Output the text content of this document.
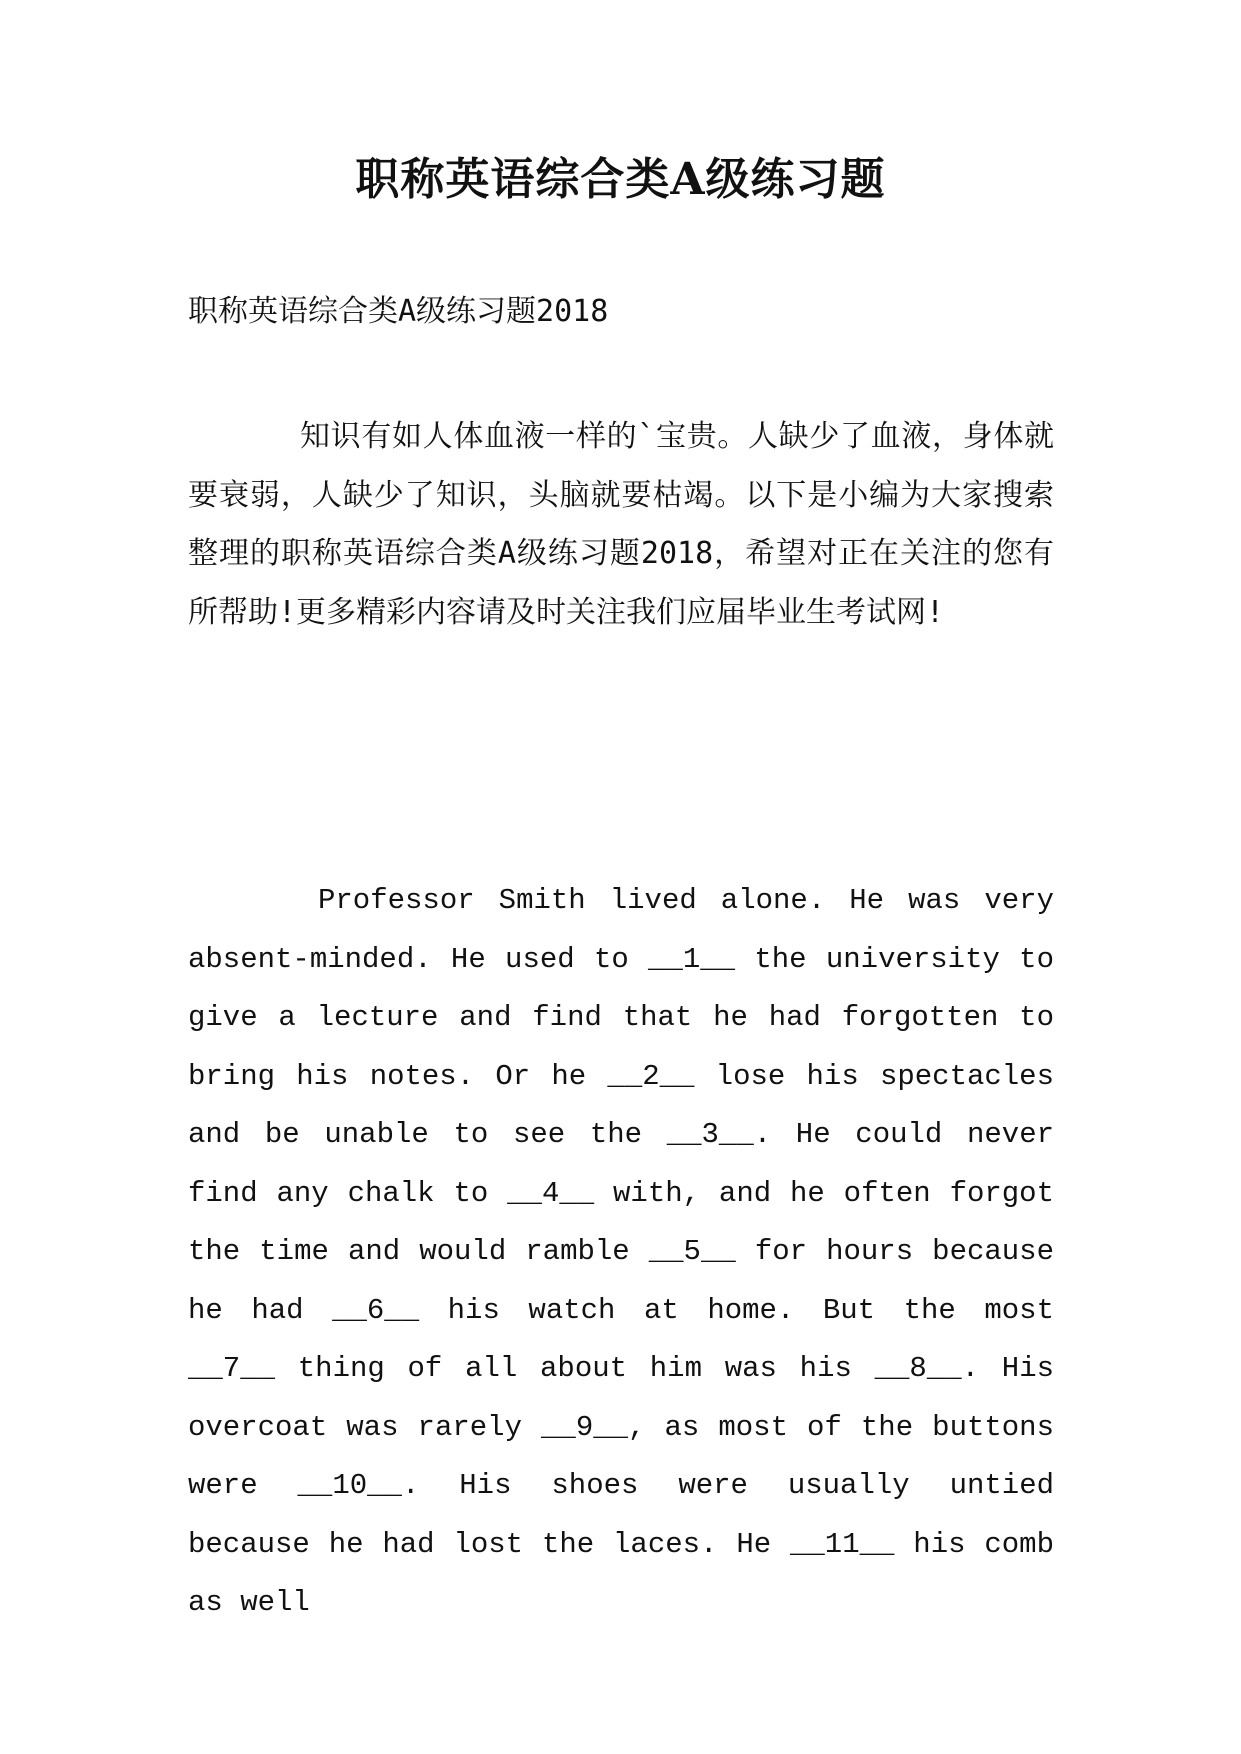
职称英语综合类A级练习题
职称英语综合类A级练习题2018

知识有如人体血液一样的`宝贵。人缺少了血液，身体就要衰弱，人缺少了知识，头脑就要枯竭。以下是小编为大家搜索整理的职称英语综合类A级练习题2018，希望对正在关注的您有所帮助!更多精彩内容请及时关注我们应届毕业生考试网!

Professor Smith lived alone. He was very absent-minded. He used to __1__ the university to give a lecture and find that he had forgotten to bring his notes. Or he __2__ lose his spectacles and be unable to see the __3__. He could never find any chalk to __4__ with, and he often forgot the time and would ramble __5__ for hours because he had __6__ his watch at home. But the most __7__ thing of all about him was his __8__. His overcoat was rarely __9__, as most of the buttons were __10__. His shoes were usually untied because he had lost the laces. He __11__ his comb as well
